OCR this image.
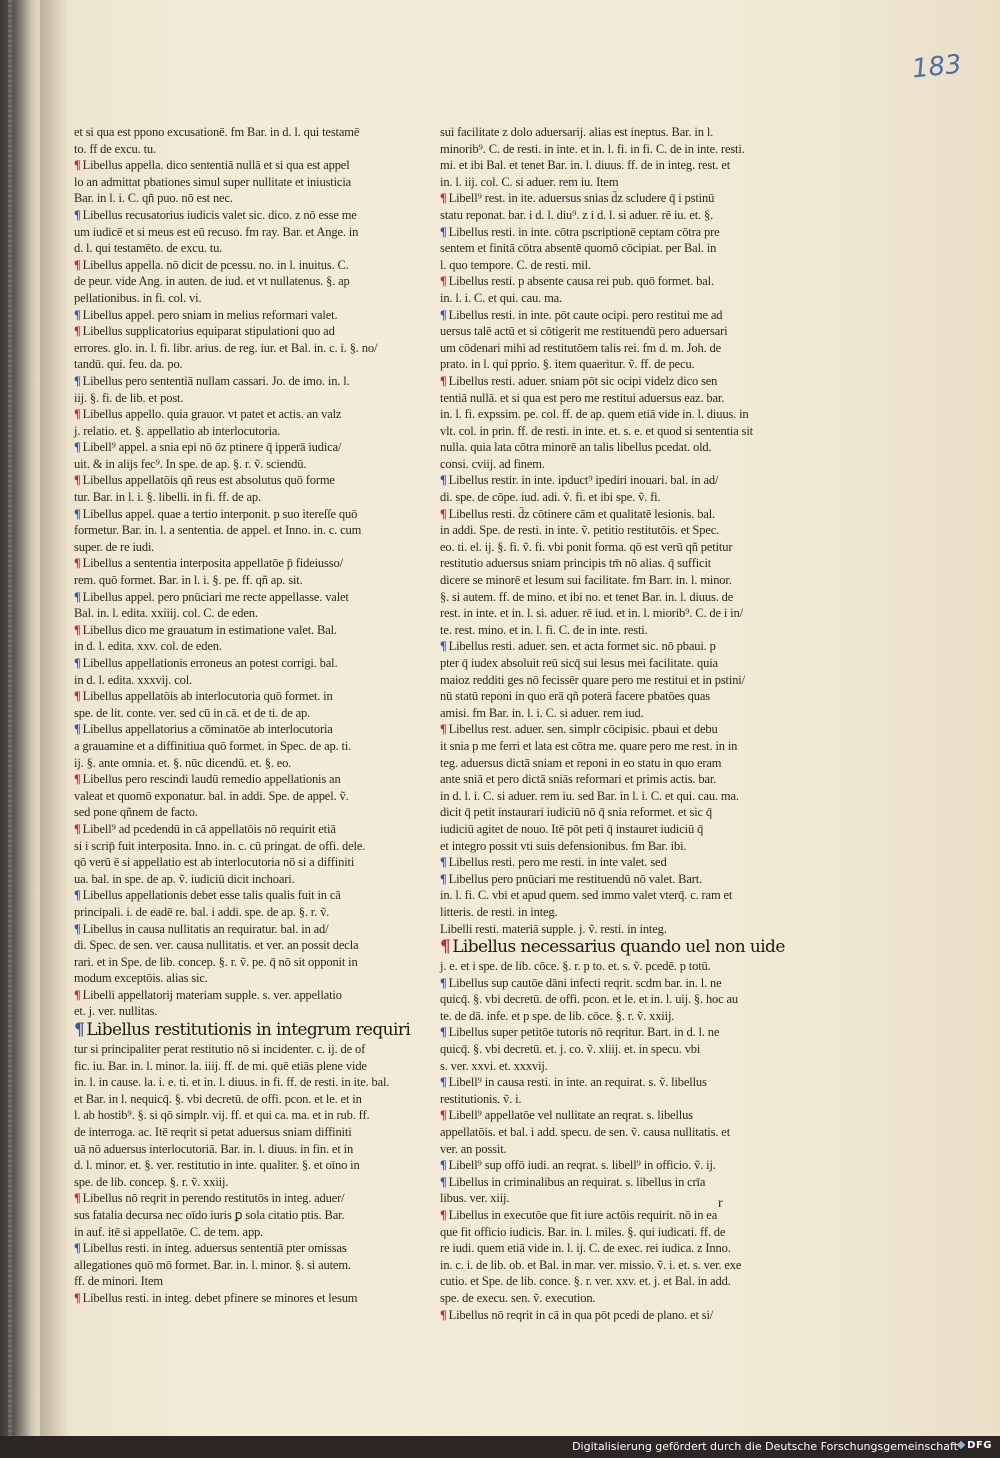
183
et si qua est ppono excusationē. fm Bar. in d. l. qui testamē
to. ff de excu. tu.
¶ Libellus appella. dico sententiā nullā et si qua est appel
lo an admittat pbationes simul super nullitate et iniusticia
Bar. in l. i. C. qñ puo. nō est nec.
¶ Libellus recusatorius iudicis valet sic. dico. z nō esse me
um iudicē et si meus est eū recuso. fm ray. Bar. et Ange. in
d. l. qui testamēto. de excu. tu.
¶ Libellus appella. nō dicit de pcessu. no. in l. inuitus. C.
de peur. vide Ang. in auten. de iud. et vt nullatenus. §. ap
pellationibus. in fi. col. vi.
¶ Libellus appel. pero sniam in melius reformari valet.
¶ Libellus supplicatorius equiparat stipulationi quo ad
errores. glo. in. l. fi. libr. arius. de reg. iur. et Bal. in. c. i. §. no/
tandū. qui. feu. da. po.
¶ Libellus pero sententiā nullam cassari. Jo. de imo. in. l.
iij. §. fi. de lib. et post.
¶ Libellus appello. quia grauor. vt patet et actis. an valz
j. relatio. et. §. appellatio ab interlocutoria.
¶ Libell⁹ appel. a snia epi nō ōz ptinere q̄ ipperā iudica/
uit. & in alijs fec⁹. In spe. de ap. §. r. ṽ. sciendū.
¶ Libellus appellatōis qñ reus est absolutus quō forme
tur. Bar. in l. i. §. libelli. in fi. ff. de ap.
¶ Libellus appel. quae a tertio interponit. p suo itereſſe quō
formetur. Bar. in. l. a sententia. de appel. et Inno. in. c. cum
super. de re iudi.
¶ Libellus a sententia interposita appellatōe p̄ fideiusso/
rem. quō formet. Bar. in l. i. §. pe. ff. qñ ap. sit.
¶ Libellus appel. pero pnūciari me recte appellasse. valet
Bal. in. l. edita. xxiiij. col. C. de eden.
¶ Libellus dico me grauatum in estimatione valet. Bal.
in d. l. edita. xxv. col. de eden.
¶ Libellus appellationis erroneus an potest corrigi. bal.
in d. l. edita. xxxvij. col.
¶ Libellus appellatōis ab interlocutoria quō formet. in
spe. de lit. conte. ver. sed cū in cā. et de ti. de ap.
¶ Libellus appellatorius a cōminatōe ab interlocutoria
a grauamine et a diffinitiua quō formet. in Spec. de ap. ti.
ij. §. ante omnia. et. §. nūc dicendū. et. §. eo.
¶ Libellus pero rescindi laudū remedio appellationis an
valeat et quomō exponatur. bal. in addi. Spe. de appel. ṽ.
sed pone qñnem de facto.
¶ Libell⁹ ad pcedendū in cā appellatōis nō requirit etiā
si i scrip̄ fuit interposita. Inno. in. c. cū pringat. de offi. dele.
qō verū ē si appellatio est ab interlocutoria nō si a diffiniti
ua. bal. in spe. de ap. ṽ. iudiciū dicit inchoari.
¶ Libellus appellationis debet esse talis qualis fuit in cā
principali. i. de eadē re. bal. i addi. spe. de ap. §. r. ṽ.
¶ Libellus in causa nullitatis an requiratur. bal. in ad/
di. Spec. de sen. ver. causa nullitatis. et ver. an possit decla
rari. et in Spe. de lib. concep. §. r. ṽ. pe. q̄ nō sit opponit in
modum exceptōis. alias sic.
¶ Libelli appellatorij materiam supple. s. ver. appellatio
et. j. ver. nullitas.
¶ Libellus restitutionis in integrum requiri
tur si principaliter perat restitutio nō si incidenter. c. ij. de of
fic. iu. Bar. in. l. minor. la. iiij. ff. de mi. quē etiās plene vide
in. l. in cause. la. i. e. ti. et in. l. diuus. in fi. ff. de resti. in ite. bal.
et Bar. in l. nequicq̄. §. vbi decretū. de offi. pcon. et le. et in
l. ab hostib⁹. §. si qō simplr. vij. ff. et qui ca. ma. et in rub. ff.
de interroga. ac. Itē reqrit si petat aduersus sniam diffiniti
uā nō aduersus interlocutoriā. Bar. in. l. diuus. in fin. et in
d. l. minor. et. §. ver. restitutio in inte. qualiter. §. et oīno in
spe. de lib. concep. §. r. ṽ. xxiij.
¶ Libellus nō reqrit in perendo restitutōs in integ. aduer/
sus fatalia decursa nec oīdo iuris ꝑ sola citatio ptis. Bar.
in auf. itē si appellatōe. C. de tem. app.
¶ Libellus resti. in integ. aduersus sententiā pter omissas
allegationes quō mō formet. Bar. in. l. minor. §. si autem.
ff. de minori. Item
¶ Libellus resti. in integ. debet pfinere se minores et lesum
sui facilitate z dolo aduersarij. alias est ineptus. Bar. in l.
minorib⁹. C. de resti. in inte. et in. l. fi. in fi. C. de in inte. resti.
mi. et ibi Bal. et tenet Bar. in. l. diuus. ff. de in integ. rest. et
in. l. iij. col. C. si aduer. rem iu. Item
¶ Libell⁹ rest. in ite. aduersus snias d̄z scludere q̄ i pstinū
statu reponat. bar. i d. l. diu⁹. z i d. l. si aduer. rē iu. et. §.
¶ Libellus resti. in inte. cōtra pscriptionē ceptam cōtra pre
sentem et finitā cōtra absentē quomō cōcipiat. per Bal. in
l. quo tempore. C. de resti. mil.
¶ Libellus resti. p absente causa rei pub. quō formet. bal.
in. l. i. C. et qui. cau. ma.
¶ Libellus resti. in inte. pōt caute ocipi. pero restitui me ad
uersus talē actū et si cōtigerit me restituendū pero aduersari
um cōdenari mihi ad restitutōem talis rei. fm d. m. Joh. de
prato. in l. qui pprio. §. item quaeritur. ṽ. ff. de pecu.
¶ Libellus resti. aduer. sniam pōt sic ocipi videlz dico sen
tentiā nullā. et si qua est pero me restitui aduersus eaz. bar.
in. l. fi. expssim. pe. col. ff. de ap. quem etiā vide in. l. diuus. in
vlt. col. in prin. ff. de resti. in inte. et. s. e. et quod si sententia sit
nulla. quia lata cōtra minorē an talis libellus pcedat. old.
consi. cviij. ad finem.
¶ Libellus restir. in inte. ipduct⁹ ipediri inouari. bal. in ad/
di. spe. de cōpe. iud. adi. ṽ. fi. et ibi spe. ṽ. fi.
¶ Libellus resti. d̄z cōtinere cām et qualitatē lesionis. bal.
in addi. Spe. de resti. in inte. ṽ. petitio restitutōis. et Spec.
eo. ti. el. ij. §. fi. ṽ. fi. vbi ponit forma. qō est verū qñ petitur
restitutio aduersus sniam principis tm̄ nō alias. q̄ sufficit
dicere se minorē et lesum sui facilitate. fm Barr. in. l. minor.
§. si autem. ff. de mino. et ibi no. et tenet Bar. in. l. diuus. de
rest. in inte. et in. l. si. aduer. rē iud. et in. l. miorib⁹. C. de i in/
te. rest. mino. et in. l. fi. C. de in inte. resti.
¶ Libellus resti. aduer. sen. et acta formet sic. nō pbaui. p
pter q̄ iudex absoluit reū sicq̄ sui lesus mei facilitate. quia
maioz redditi ges nō fecissēr quare pero me restitui et in pstini/
nū statū reponi in quo erā qñ poterā facere pbatōes quas
amisi. fm Bar. in. l. i. C. si aduer. rem iud.
¶ Libellus rest. aduer. sen. simplr cōcipisic. pbaui et debu
it snia p me ferri et lata est cōtra me. quare pero me rest. in in
teg. aduersus dictā sniam et reponi in eo statu in quo eram
ante sniā et pero dictā sniās reformari et primis actis. bar.
in d. l. i. C. si aduer. rem iu. sed Bar. in l. i. C. et qui. cau. ma.
dicit q̄ petit instaurari iudiciū nō q̄ snia reformet. et sic q̄
iudiciū agitet de nouo. Itē pōt peti q̄ instauret iudiciū q̄
et integro possit vti suis defensionibus. fm Bar. ibi.
¶ Libellus resti. pero me resti. in inte valet. sed
¶ Libellus pero pnūciari me restituendū nō valet. Bart.
in. l. fi. C. vbi et apud quem. sed immo valet vterq̄. c. ram et
litteris. de resti. in integ.
Libelli resti. materiā supple. j. ṽ. resti. in integ.
¶ Libellus necessarius quando uel non uide
j. e. et i spe. de lib. cōce. §. r. p to. et. s. ṽ. pcedē. p totū.
¶ Libellus sup cautōe dāni infecti reqrit. scdm bar. in. l. ne
quicq̄. §. vbi decretū. de offi. pcon. et le. et in. l. uij. §. hoc au
te. de dā. infe. et p spe. de lib. cōce. §. r. ṽ. xxiij.
¶ Libellus super petitōe tutoris nō reqritur. Bart. in d. l. ne
quicq̄. §. vbi decretū. et. j. co. ṽ. xliij. et. in specu. vbi
s. ver. xxvi. et. xxxvij.
¶ Libell⁹ in causa resti. in inte. an requirat. s. ṽ. libellus
restitutionis. ṽ. i.
¶ Libell⁹ appellatōe vel nullitate an reqrat. s. libellus
appellatōis. et bal. i add. specu. de sen. ṽ. causa nullitatis. et
ver. an possit.
¶ Libell⁹ sup offō iudi. an reqrat. s. libell⁹ in officio. ṽ. ij.
¶ Libellus in criminalibus an requirat. s. libellus in crīa
libus. ver. xiij.
¶ Libellus in executōe que fit iure actōis requirit. nō in ea
que fit officio iudicis. Bar. in. l. miles. §. qui iudicati. ff. de
re iudi. quem etiā vide in. l. ij. C. de exec. rei iudica. z Inno.
in. c. i. de lib. ob. et Bal. in mar. ver. missio. ṽ. i. et. s. ver. exe
cutio. et Spe. de lib. conce. §. r. ver. xxv. et. j. et Bal. in add.
spe. de execu. sen. ṽ. execution.
¶ Libellus nō reqrit in cā in qua pōt pcedi de plano. et si/
r
Digitalisierung gefördert durch die Deutsche Forschungsgemeinschaft DFG
